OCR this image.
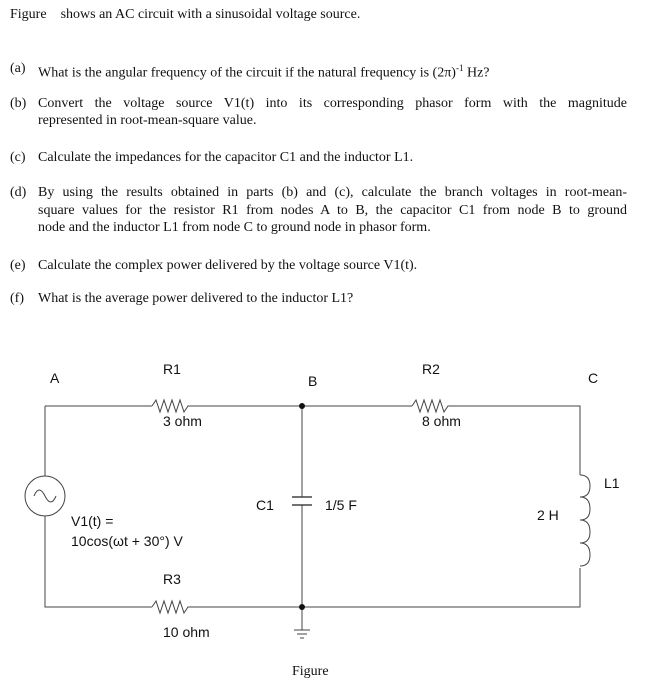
Figure shows an AC circuit with a sinusoidal voltage source.
(a) What is the angular frequency of the circuit if the natural frequency is $(2\pi)^{-1}$ Hz?
(b) Convert the voltage source V1(t) into its corresponding phasor form with the magnitude
represented in root-mean-square value.
(c) Calculate the impedances for the capacitor C1 and the inductor L1.
(d) By using the results obtained in parts (b) and (c), calculate the branch voltages in root-mean-
square values for the resistor R1 from nodes A to B, the capacitor C1 from node B to ground
node and the inductor L1 from node C to ground node in phasor form.
(e) Calculate the complex power delivered by the voltage source V1(t).
(f) What is the average power delivered to the inductor L1?
A	B	C
R1
3 ohm
R2
8 ohm
R3
10 ohm
C1	1/5 F
L1
2 H
V1(t) =
10cos(ωt + 30°) V
Figure
